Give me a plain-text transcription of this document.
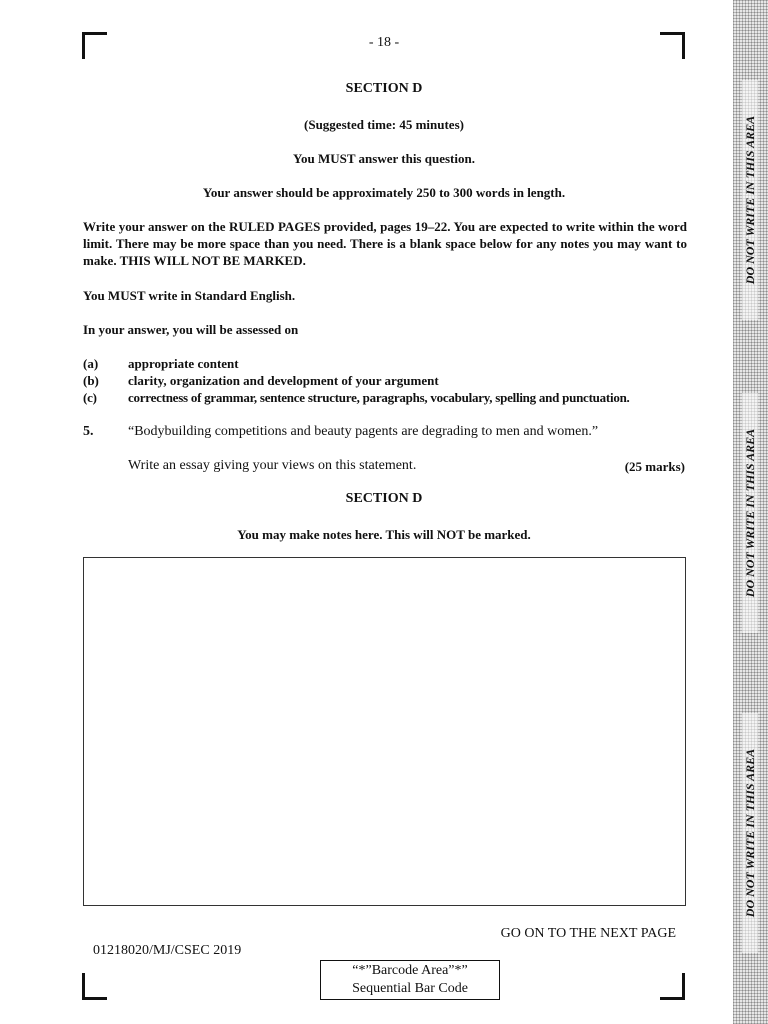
- 18 -
SECTION D
(Suggested time: 45 minutes)
You MUST answer this question.
Your answer should be approximately 250 to 300 words in length.
Write your answer on the RULED PAGES provided, pages 19–22. You are expected to write within the word limit. There may be more space than you need. There is a blank space below for any notes you may want to make. THIS WILL NOT BE MARKED.
You MUST write in Standard English.
In your answer, you will be assessed on
(a) appropriate content
(b) clarity, organization and development of your argument
(c) correctness of grammar, sentence structure, paragraphs, vocabulary, spelling and punctuation.
5. “Bodybuilding competitions and beauty pagents are degrading to men and women.”
Write an essay giving your views on this statement.	(25 marks)
SECTION D
You may make notes here. This will NOT be marked.
GO ON TO THE NEXT PAGE
01218020/MJ/CSEC 2019
“*”Barcode Area”*”
Sequential Bar Code
DO NOT WRITE IN THIS AREA
DO NOT WRITE IN THIS AREA
DO NOT WRITE IN THIS AREA
